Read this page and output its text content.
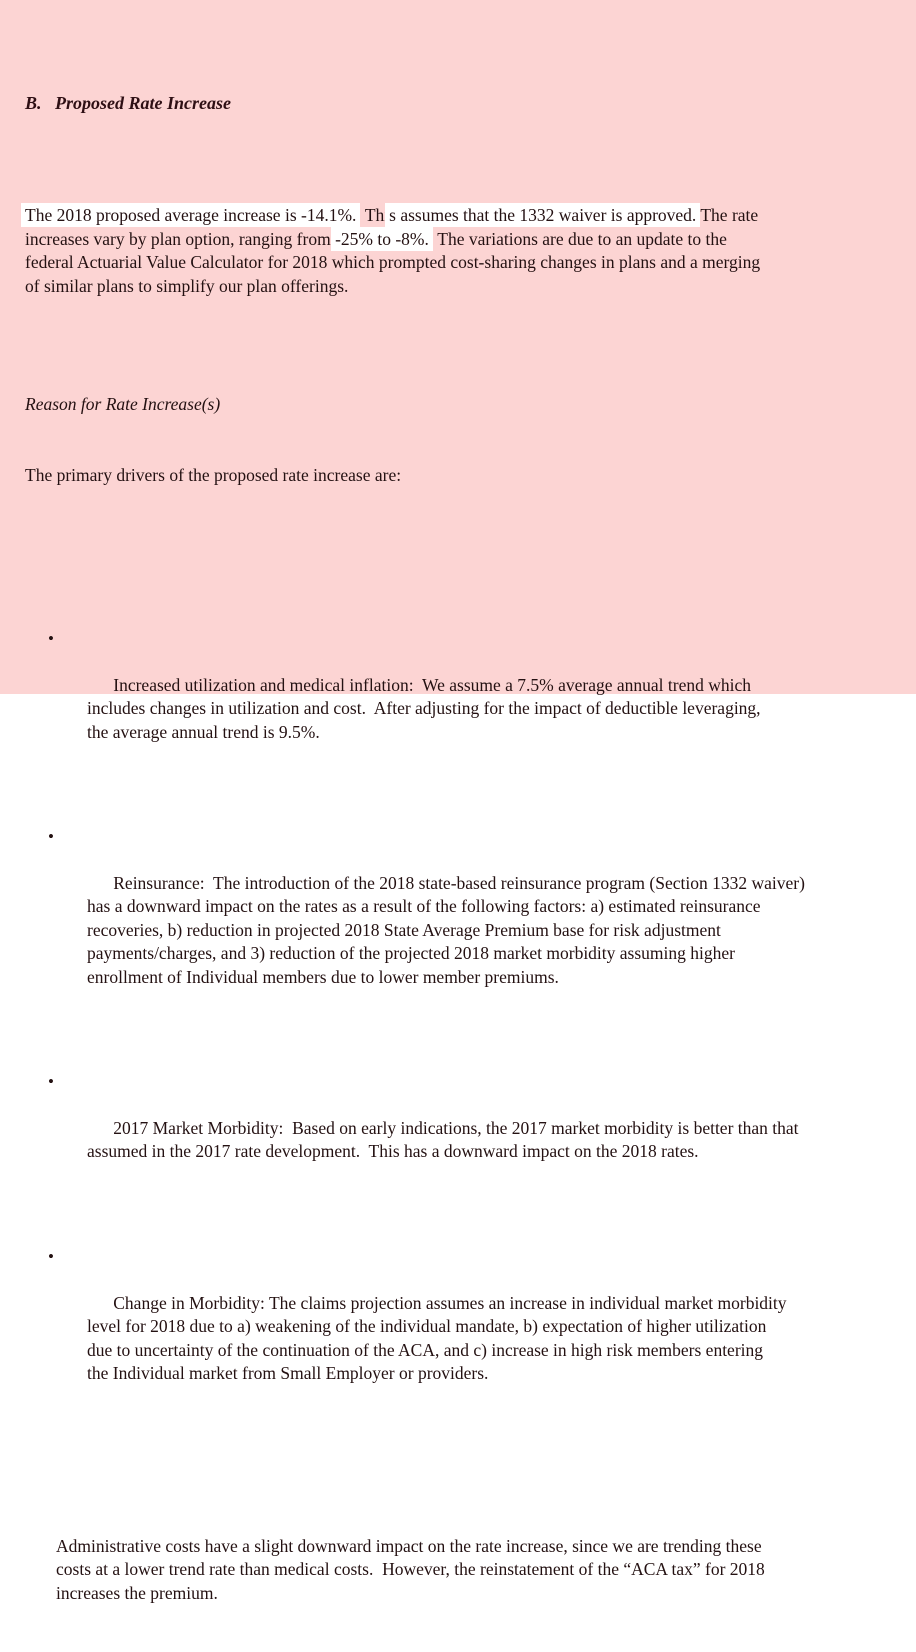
B.   Proposed Rate Increase

The 2018 proposed average increase is -14.1%.  This assumes that the 1332 waiver is approved. The rate
increases vary by plan option, ranging from -25% to -8%.  The variations are due to an update to the
federal Actuarial Value Calculator for 2018 which prompted cost-sharing changes in plans and a merging
of similar plans to simplify our plan offerings.

Reason for Rate Increase(s)

The primary drivers of the proposed rate increase are:

•

Increased utilization and medical inflation:  We assume a 7.5% average annual trend which
includes changes in utilization and cost.  After adjusting for the impact of deductible leveraging,
the average annual trend is 9.5%.

•

Reinsurance:  The introduction of the 2018 state-based reinsurance program (Section 1332 waiver)
has a downward impact on the rates as a result of the following factors: a) estimated reinsurance
recoveries, b) reduction in projected 2018 State Average Premium base for risk adjustment
payments/charges, and 3) reduction of the projected 2018 market morbidity assuming higher
enrollment of Individual members due to lower member premiums.

•

2017 Market Morbidity:  Based on early indications, the 2017 market morbidity is better than that
assumed in the 2017 rate development.  This has a downward impact on the 2018 rates.

•

Change in Morbidity: The claims projection assumes an increase in individual market morbidity
level for 2018 due to a) weakening of the individual mandate, b) expectation of higher utilization
due to uncertainty of the continuation of the ACA, and c) increase in high risk members entering
the Individual market from Small Employer or providers.

Administrative costs have a slight downward impact on the rate increase, since we are trending these
costs at a lower trend rate than medical costs.  However, the reinstatement of the “ACA tax” for 2018
increases the premium.
